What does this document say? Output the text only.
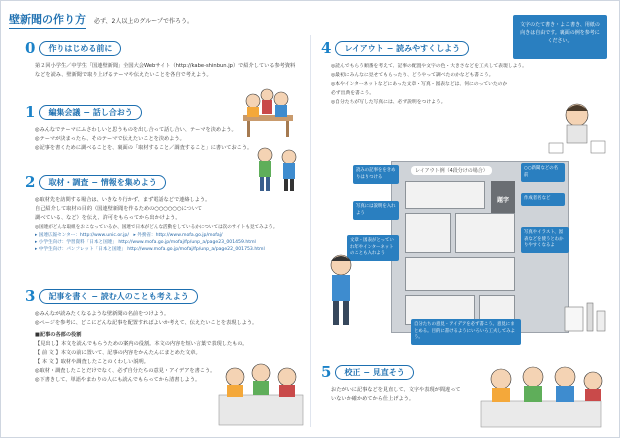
壁新聞の作り方 必ず、2人以上のグループで作ろう。
文字のたて書き・よこ書き、用紙の向きは自由です。裏面の例を参考にください。
0	作りはじめる前に
第２回小学生／中学生「国連壁新聞」全国大会Webサイト（http://kabe-shinbun.jp）で紹介している参考資料
などを読み、壁新聞で取り上げるテーマや伝えたいことを各自で考えよう。
1	編集会議 − 話し合おう
◎みんなでテーマにふさわしいと思うものを出し合って話し合い、テーマを決めよう。
◎テーマが決まったら、そのテーマで伝えたいことを決めよう。
◎記事を書くために調べることを、裏面の「取材すること／調査すること」に書いておこう。
2	取材・調査 − 情報を集めよう
◎取材先を訪問する場合は、いきなり行かず、まず電話などで連絡しよう。
自己紹介して取材の目的（国連壁新聞を作るための○○○○○○について
調べている、など）を伝え、許可をもらってから出かけよう。
◎国連がどんな取組をおこなっているか、国連で日本がどんな活動をしているかについては次のサイトも見てみよう。
▸ 国連広報センター：http://www.unic.or.jp/　▸ 外務省：http://www.mofa.go.jp/mofaj/
▸ 小学生向け：学習資料「日本と国連」 http://www.mofa.go.jp/mofaj/fp/unp_a/page23_001459.html
▸ 中学生向け：パンフレット「日本と国連」 http://www.mofa.go.jp/mofaj/fp/unp_a/page22_001753.html
3	記事を書く − 読む人のことも考えよう
◎みんなが読みたくなるような壁新聞の名前をつけよう。
◎ページを参考に、どこにどんな記事を配置すればよいか考えて、伝えたいことを表現しよう。
■記事の各部の役割
【見出し】本文を読んでもらうための案内の役割。本文の内容を短い言葉で表現したもの。
【 前 文 】本文の前に置いて、記事の内容をかんたんにまとめた文章。
【 本 文 】取材や調査したことのくわしい説明。
◎取材・調査したことだけでなく、必ず自分たちの意見・アイデアを書こう。
◎下書きして、単語やまわりの人にも読んでもらってから清書しよう。
4	レイアウト − 読みやすくしよう
◎読んでもらう順番を考えて、記事の配置や文字の色・大きさなどを工夫して表現しよう。
◎最初にみんなに見せてもらったり、どうやって調べたのかなども書こう。
◎本やインターネットなどにあった文章・写真・図表などは、何にのっていたのか
必ず出典を書こう。
◎自分たちが写した写真には、必ず説明をつけよう。
レイアウト例（4段分けの場合）
題字
読みの記事ををきめりはりつける
写真には説明を入れよう
文章・図表がとっていれ年やインターネットのことも入れよう
○○新聞などの名前
作成者名など
写真やイラスト、図表などを使うとわかりやすくなるよ
自分たちの意見・アイデアを必ず書こう。意見にまとめる。目的に書けるようにいろいろ工夫してみよう。
5	校正 − 見直そう
おたがいに記事などを見直して、文字や表現が間違って
いないか確かめてから仕上げよう。
